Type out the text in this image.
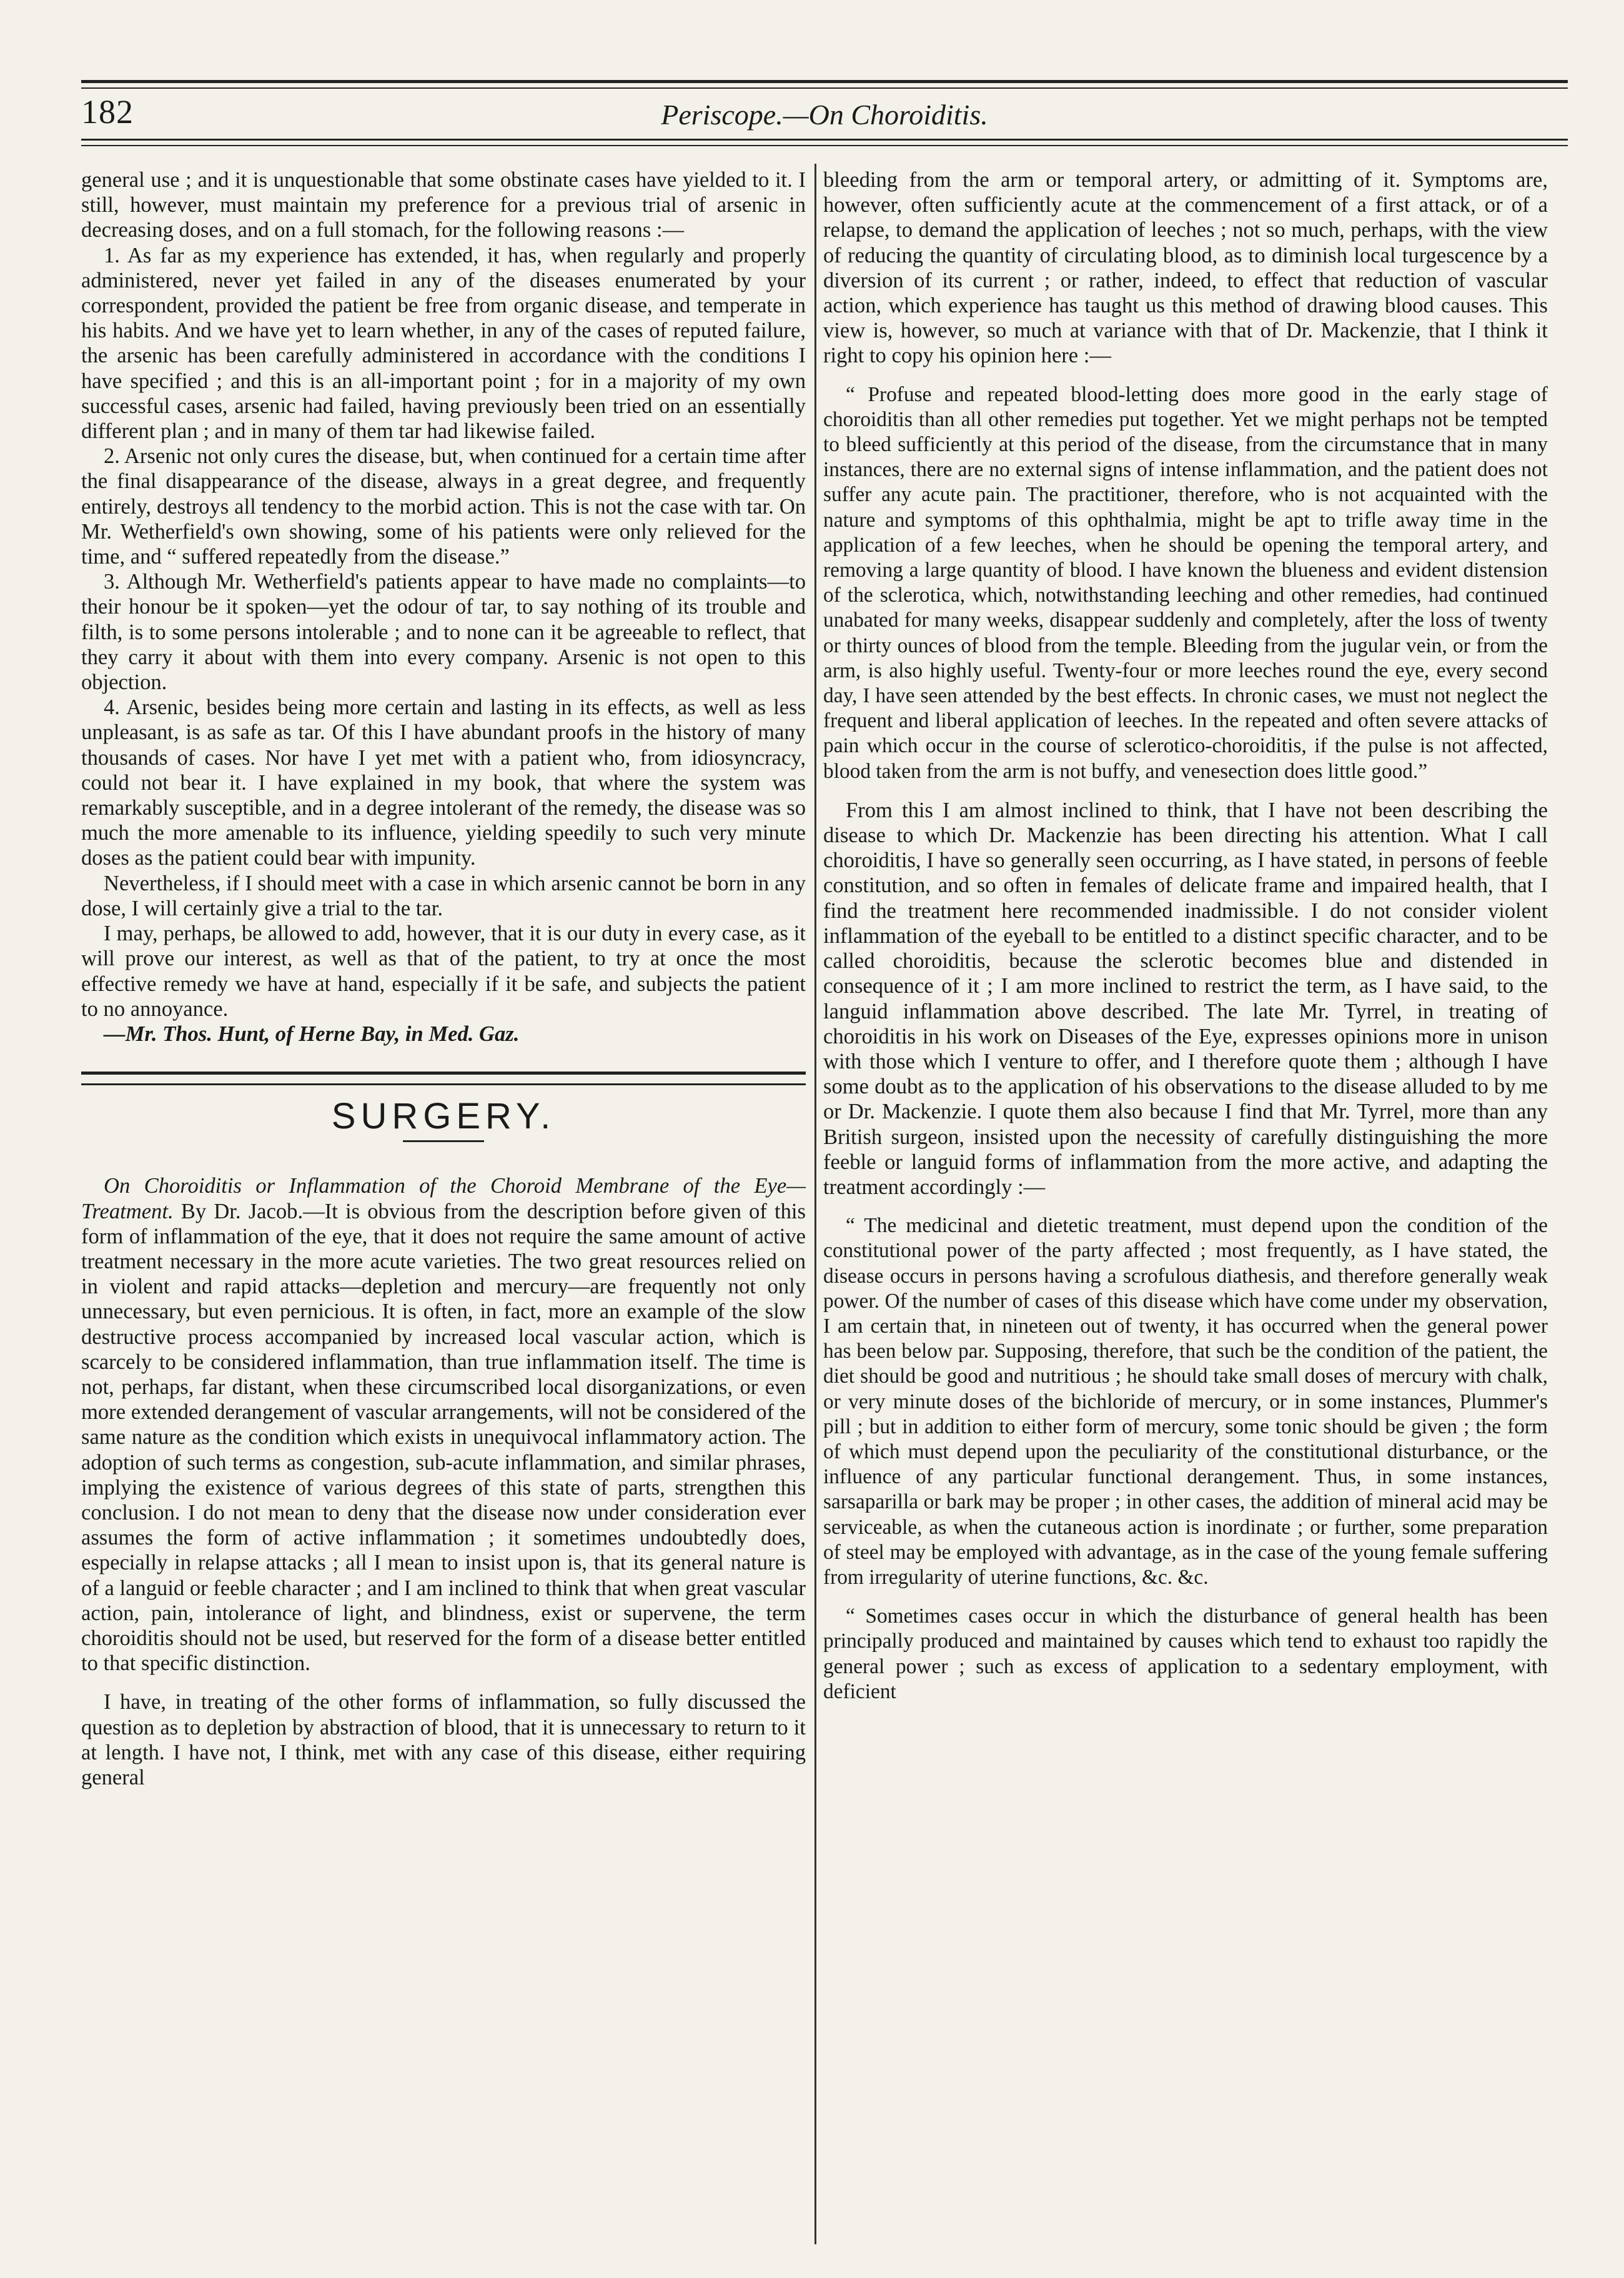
182	Periscope.—On Choroiditis.

general use ; and it is unquestionable that some obstinate cases have yielded to it. I still, however, must maintain my preference for a previous trial of arsenic in decreasing doses, and on a full stomach, for the following reasons :—

1. As far as my experience has extended, it has, when regularly and properly administered, never yet failed in any of the diseases enumerated by your correspondent, provided the patient be free from organic disease, and temperate in his habits. And we have yet to learn whether, in any of the cases of reputed failure, the arsenic has been carefully administered in accordance with the conditions I have specified ; and this is an all-important point ; for in a majority of my own successful cases, arsenic had failed, having previously been tried on an essentially different plan ; and in many of them tar had likewise failed.

2. Arsenic not only cures the disease, but, when continued for a certain time after the final disappearance of the disease, always in a great degree, and frequently entirely, destroys all tendency to the morbid action. This is not the case with tar. On Mr. Wetherfield's own showing, some of his patients were only relieved for the time, and “ suffered repeatedly from the disease.”

3. Although Mr. Wetherfield's patients appear to have made no complaints—to their honour be it spoken—yet the odour of tar, to say nothing of its trouble and filth, is to some persons intolerable ; and to none can it be agreeable to reflect, that they carry it about with them into every company. Arsenic is not open to this objection.

4. Arsenic, besides being more certain and lasting in its effects, as well as less unpleasant, is as safe as tar. Of this I have abundant proofs in the history of many thousands of cases. Nor have I yet met with a patient who, from idiosyncracy, could not bear it. I have explained in my book, that where the system was remarkably susceptible, and in a degree intolerant of the remedy, the disease was so much the more amenable to its influence, yielding speedily to such very minute doses as the patient could bear with impunity.

Nevertheless, if I should meet with a case in which arsenic cannot be born in any dose, I will certainly give a trial to the tar.

I may, perhaps, be allowed to add, however, that it is our duty in every case, as it will prove our interest, as well as that of the patient, to try at once the most effective remedy we have at hand, especially if it be safe, and subjects the patient to no annoyance.

—Mr. Thos. Hunt, of Herne Bay, in Med. Gaz.

SURGERY.

On Choroiditis or Inflammation of the Choroid Membrane of the Eye—Treatment. By Dr. Jacob.—It is obvious from the description before given of this form of inflammation of the eye, that it does not require the same amount of active treatment necessary in the more acute varieties. The two great resources relied on in violent and rapid attacks—depletion and mercury—are frequently not only unnecessary, but even pernicious. It is often, in fact, more an example of the slow destructive process accompanied by increased local vascular action, which is scarcely to be considered inflammation, than true inflammation itself. The time is not, perhaps, far distant, when these circumscribed local disorganizations, or even more extended derangement of vascular arrangements, will not be considered of the same nature as the condition which exists in unequivocal inflammatory action. The adoption of such terms as congestion, sub-acute inflammation, and similar phrases, implying the existence of various degrees of this state of parts, strengthen this conclusion. I do not mean to deny that the disease now under consideration ever assumes the form of active inflammation ; it sometimes undoubtedly does, especially in relapse attacks ; all I mean to insist upon is, that its general nature is of a languid or feeble character ; and I am inclined to think that when great vascular action, pain, intolerance of light, and blindness, exist or supervene, the term choroiditis should not be used, but reserved for the form of a disease better entitled to that specific distinction.

I have, in treating of the other forms of inflammation, so fully discussed the question as to depletion by abstraction of blood, that it is unnecessary to return to it at length. I have not, I think, met with any case of this disease, either requiring general

bleeding from the arm or temporal artery, or admitting of it. Symptoms are, however, often sufficiently acute at the commencement of a first attack, or of a relapse, to demand the application of leeches ; not so much, perhaps, with the view of reducing the quantity of circulating blood, as to diminish local turgescence by a diversion of its current ; or rather, indeed, to effect that reduction of vascular action, which experience has taught us this method of drawing blood causes. This view is, however, so much at variance with that of Dr. Mackenzie, that I think it right to copy his opinion here :—

“ Profuse and repeated blood-letting does more good in the early stage of choroiditis than all other remedies put together. Yet we might perhaps not be tempted to bleed sufficiently at this period of the disease, from the circumstance that in many instances, there are no external signs of intense inflammation, and the patient does not suffer any acute pain. The practitioner, therefore, who is not acquainted with the nature and symptoms of this ophthalmia, might be apt to trifle away time in the application of a few leeches, when he should be opening the temporal artery, and removing a large quantity of blood. I have known the blueness and evident distension of the sclerotica, which, notwithstanding leeching and other remedies, had continued unabated for many weeks, disappear suddenly and completely, after the loss of twenty or thirty ounces of blood from the temple. Bleeding from the jugular vein, or from the arm, is also highly useful. Twenty-four or more leeches round the eye, every second day, I have seen attended by the best effects. In chronic cases, we must not neglect the frequent and liberal application of leeches. In the repeated and often severe attacks of pain which occur in the course of sclerotico-choroiditis, if the pulse is not affected, blood taken from the arm is not buffy, and venesection does little good.”

From this I am almost inclined to think, that I have not been describing the disease to which Dr. Mackenzie has been directing his attention. What I call choroiditis, I have so generally seen occurring, as I have stated, in persons of feeble constitution, and so often in females of delicate frame and impaired health, that I find the treatment here recommended inadmissible. I do not consider violent inflammation of the eyeball to be entitled to a distinct specific character, and to be called choroiditis, because the sclerotic becomes blue and distended in consequence of it ; I am more inclined to restrict the term, as I have said, to the languid inflammation above described. The late Mr. Tyrrel, in treating of choroiditis in his work on Diseases of the Eye, expresses opinions more in unison with those which I venture to offer, and I therefore quote them ; although I have some doubt as to the application of his observations to the disease alluded to by me or Dr. Mackenzie. I quote them also because I find that Mr. Tyrrel, more than any British surgeon, insisted upon the necessity of carefully distinguishing the more feeble or languid forms of inflammation from the more active, and adapting the treatment accordingly :—

“ The medicinal and dietetic treatment, must depend upon the condition of the constitutional power of the party affected ; most frequently, as I have stated, the disease occurs in persons having a scrofulous diathesis, and therefore generally weak power. Of the number of cases of this disease which have come under my observation, I am certain that, in nineteen out of twenty, it has occurred when the general power has been below par. Supposing, therefore, that such be the condition of the patient, the diet should be good and nutritious ; he should take small doses of mercury with chalk, or very minute doses of the bichloride of mercury, or in some instances, Plummer's pill ; but in addition to either form of mercury, some tonic should be given ; the form of which must depend upon the peculiarity of the constitutional disturbance, or the influence of any particular functional derangement. Thus, in some instances, sarsaparilla or bark may be proper ; in other cases, the addition of mineral acid may be serviceable, as when the cutaneous action is inordinate ; or further, some preparation of steel may be employed with advantage, as in the case of the young female suffering from irregularity of uterine functions, &c. &c.

“ Sometimes cases occur in which the disturbance of general health has been principally produced and maintained by causes which tend to exhaust too rapidly the general power ; such as excess of application to a sedentary employment, with deficient
